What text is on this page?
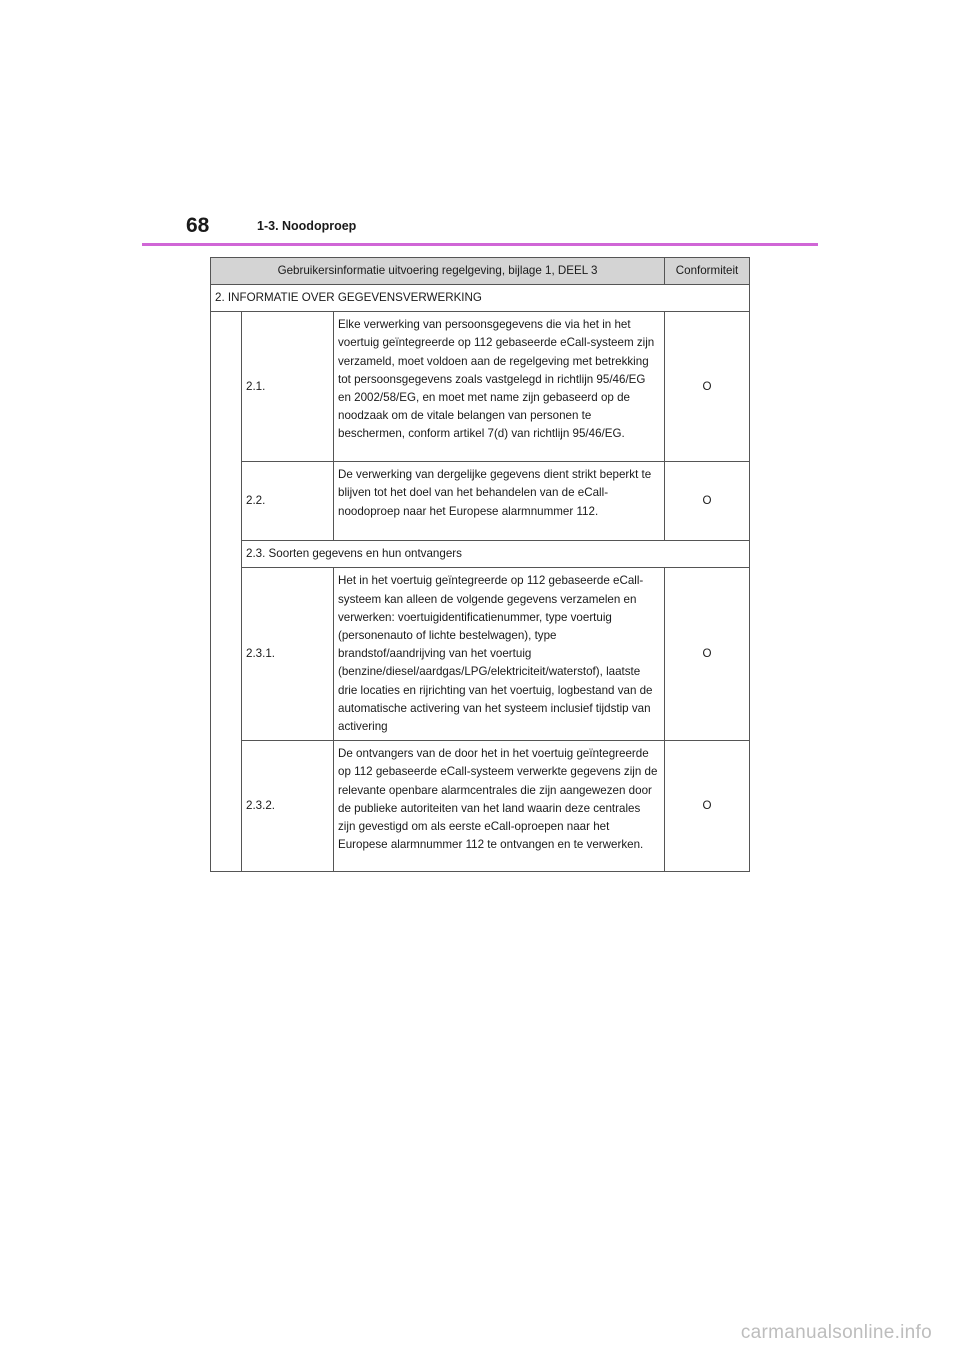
68	1-3. Noodoproep
Gebruikersinformatie uitvoering regelgeving, bijlage 1, DEEL 3			Conformiteit
2. INFORMATIE OVER GEGEVENSVERWERKING			
	2.1.	Elke verwerking van persoonsgegevens die via het in het voertuig geïntegreerde op 112 gebaseerde eCall-systeem zijn verzameld, moet voldoen aan de regelgeving met betrekking tot persoonsgegevens zoals vastgelegd in richtlijn 95/46/EG en 2002/58/EG, en moet met name zijn gebaseerd op de noodzaak om de vitale belangen van personen te beschermen, conform artikel 7(d) van richtlijn 95/46/EG.	O
	2.2.	De verwerking van dergelijke gegevens dient strikt beperkt te blijven tot het doel van het behandelen van de eCall-noodoproep naar het Europese alarmnummer 112.	O
	2.3. Soorten gegevens en hun ontvangers		
	2.3.1.	Het in het voertuig geïntegreerde op 112 gebaseerde eCall-systeem kan alleen de volgende gegevens verzamelen en verwerken: voertuigidentificatienummer, type voertuig (personenauto of lichte bestelwagen), type brandstof/aandrijving van het voertuig (benzine/diesel/aardgas/LPG/elektriciteit/waterstof), laatste drie locaties en rijrichting van het voertuig, logbestand van de automatische activering van het systeem inclusief tijdstip van activering	O
	2.3.2.	De ontvangers van de door het in het voertuig geïntegreerde op 112 gebaseerde eCall-systeem verwerkte gegevens zijn de relevante openbare alarmcentrales die zijn aangewezen door de publieke autoriteiten van het land waarin deze centrales zijn gevestigd om als eerste eCall-oproepen naar het Europese alarmnummer 112 te ontvangen en te verwerken.	O
carmanualsonline.info
